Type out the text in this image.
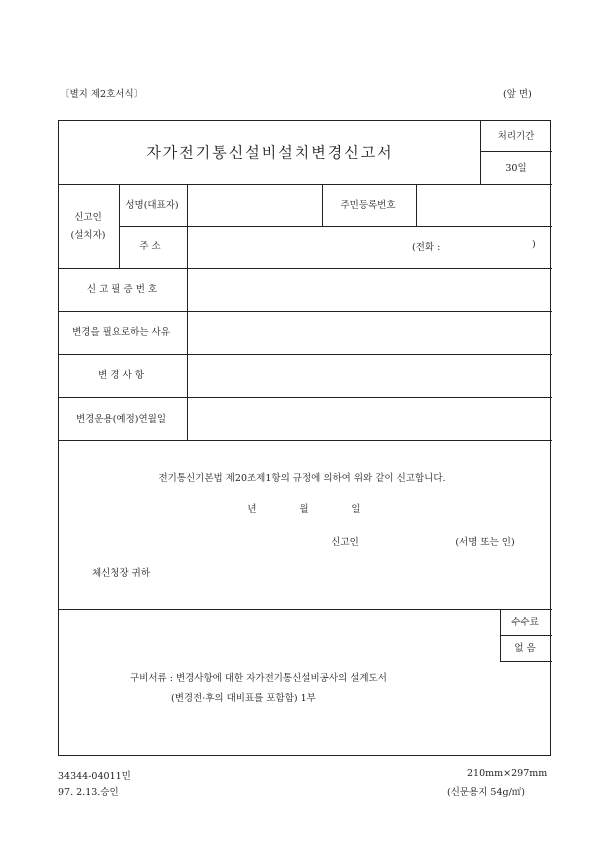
〔별지 제2호서식〕	(앞 면)
자가전기통신설비설치변경신고서
처리기간
30일
신고인
(설치자)
성명(대표자)	주민등록번호
주 소	(전화 :	)
신 고 필 증 번 호
변경을 필요로하는 사유
변 경 사 항
변경운용(예정)연월일
전기통신기본법 제20조제1항의 규정에 의하여 위와 같이 신고합니다.
년	월	일
신고인	(서명 또는 인)
체신청장 귀하
수수료
없 음
구비서류 : 변경사항에 대한 자가전기통신설비공사의 설계도서
(변경전·후의 대비표를 포함함) 1부
34344-04011민
97. 2.13.승인
210mm×297mm
(신문용지 54g/㎡)
